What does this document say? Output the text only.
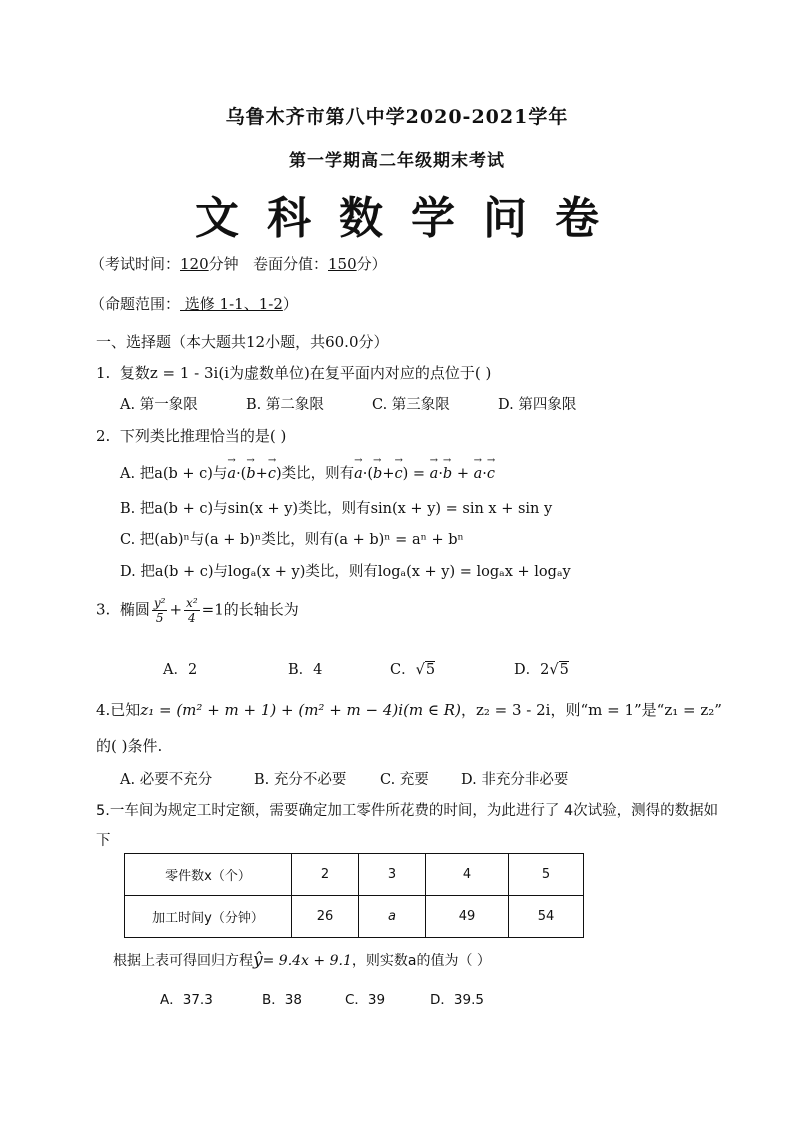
乌鲁木齐市第八中学2020-2021学年
第一学期高二年级期末考试
文科数学问卷
（考试时间：120分钟 卷面分值：150分）
（命题范围： 选修 1-1、1-2）
一、选择题（本大题共12小题，共60.0分）
1. 复数z = 1 - 3i(i为虚数单位)在复平面内对应的点位于( )
A. 第一象限	B. 第二象限	C. 第三象限	D. 第四象限
2. 下列类比推理恰当的是( )
A. 把a(b + c)与→ a·(→ b+→ c)类比，则有→ a·(→ b+→ c) = → a·→ b + → a·→ c
B. 把a(b + c)与sin(x + y)类比，则有sin(x + y) = sin x + sin y
C. 把(ab)ⁿ与(a + b)ⁿ类比，则有(a + b)ⁿ = aⁿ + bⁿ
D. 把a(b + c)与logₐ(x + y)类比，则有logₐ(x + y) = logₐx + logₐy
3. 椭圆 $\frac{\text{y²}}{5} + \frac{\text{x²}}{4} =1$的长轴长为
A．2	B．4	C．√5	D．2√5
4.已知z₁ = (m² + m + 1) + (m² + m − 4)i(m ∈ R)，z₂ = 3 - 2i，则“m = 1”是“z₁ = z₂”
的( )条件.
A. 必要不充分	B. 充分不必要 C. 充要 D. 非充分非必要
5.一车间为规定工时定额，需要确定加工零件所花费的时间，为此进行了 4次试验，测得的数据如
下
零件数x（个）	2	3	4	5
加工时间y（分钟）	26	a	49	54
根据上表可得回归方程ŷ= 9.4x + 9.1，则实数a的值为（ ）
A．37.3	B．38	C．39	D．39.5
